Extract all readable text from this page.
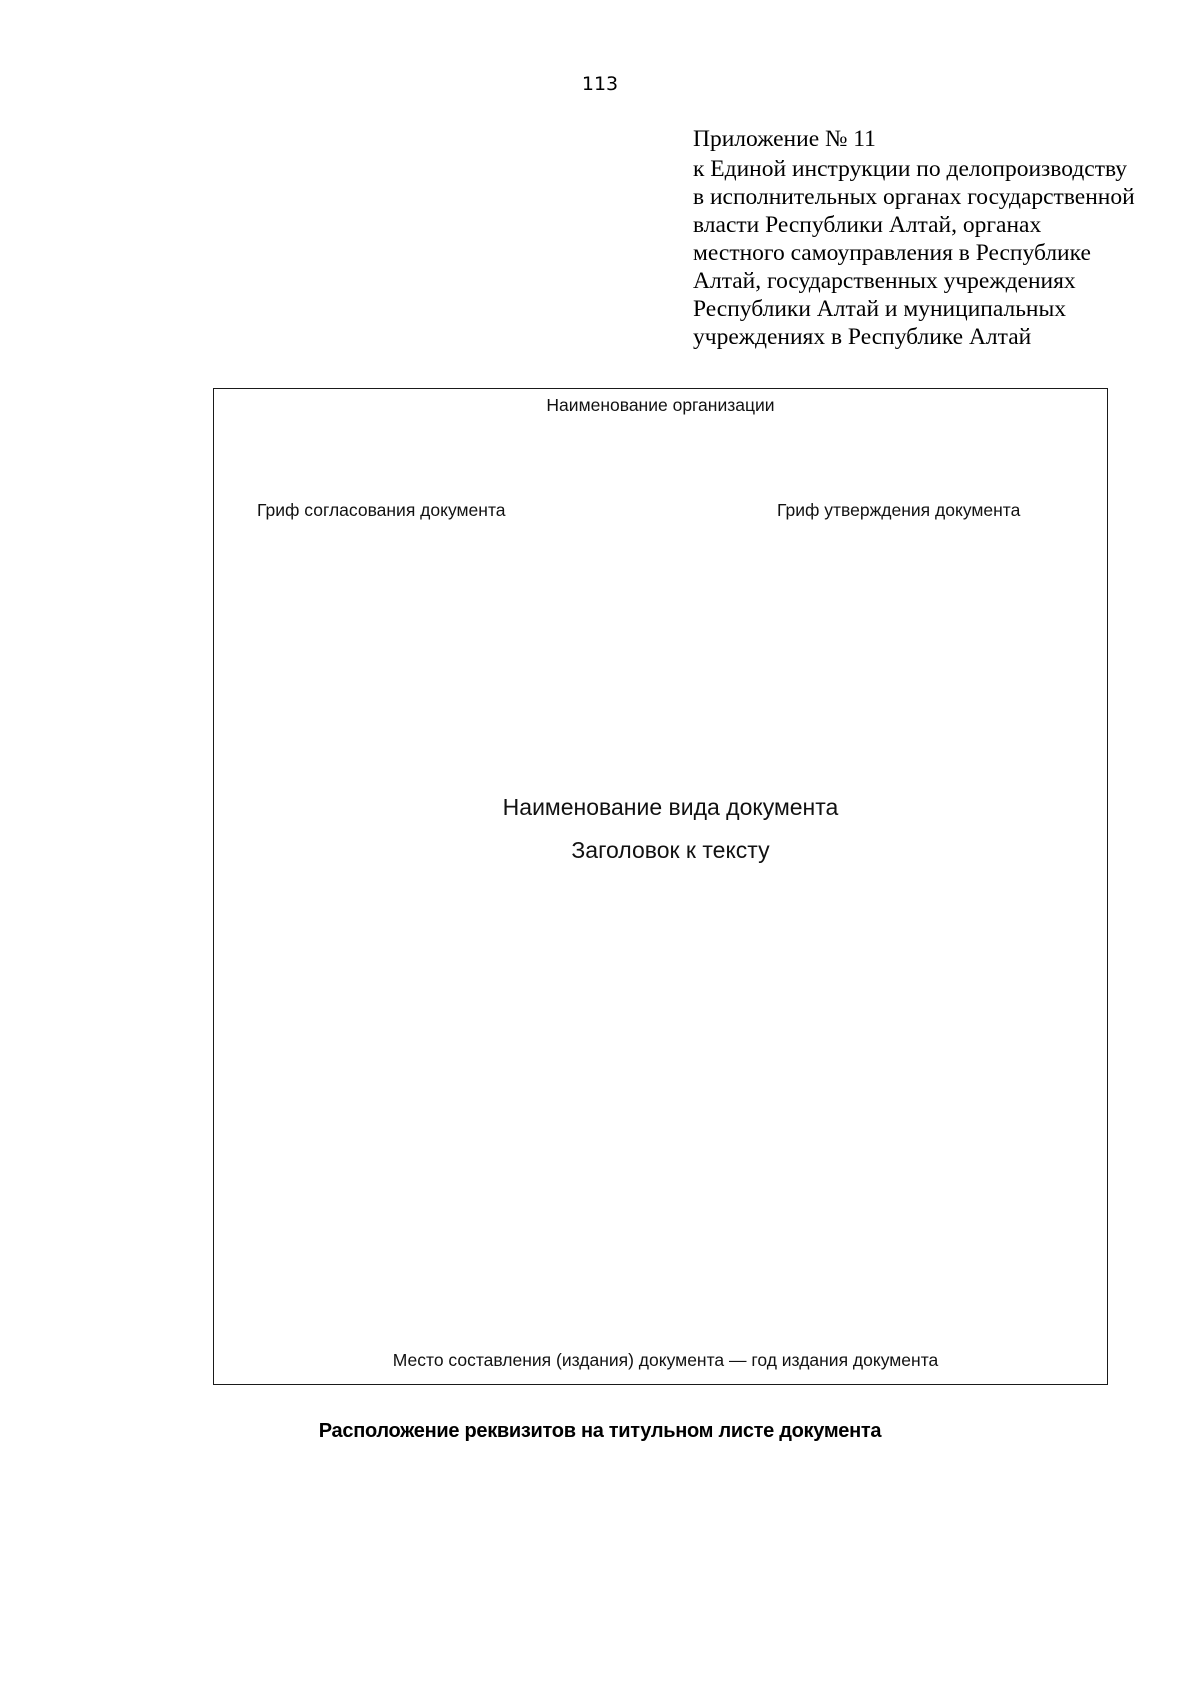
113
Приложение № 11
к Единой инструкции по делопроизводству
в исполнительных органах государственной
власти Республики Алтай, органах
местного самоуправления в Республике
Алтай, государственных учреждениях
Республики Алтай и муниципальных
учреждениях в Республике Алтай
Наименование организации
Гриф согласования документа	Гриф утверждения документа
Наименование вида документа
Заголовок к тексту
Место составления (издания) документа — год издания документа
Расположение реквизитов на титульном листе документа
